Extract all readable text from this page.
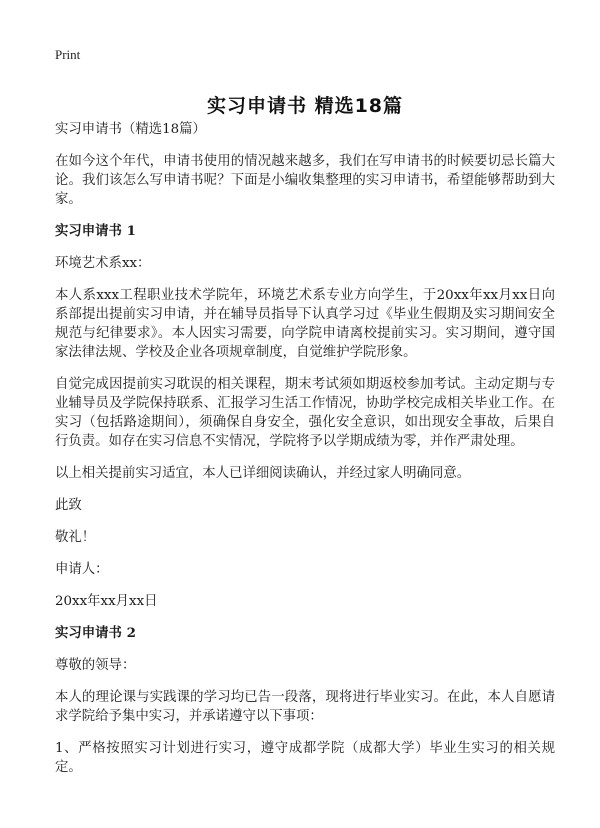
Print
实习申请书 精选18篇

实习申请书（精选18篇）

在如今这个年代，申请书使用的情况越来越多，我们在写申请书的时候要切忌长篇大论。我们该怎么写申请书呢？下面是小编收集整理的实习申请书，希望能够帮助到大家。

实习申请书 1

环境艺术系xx：

本人系xxx工程职业技术学院年，环境艺术系专业方向学生，于20xx年xx月xx日向系部提出提前实习申请，并在辅导员指导下认真学习过《毕业生假期及实习期间安全规范与纪律要求》。本人因实习需要，向学院申请离校提前实习。实习期间，遵守国家法律法规、学校及企业各项规章制度，自觉维护学院形象。

自觉完成因提前实习耽误的相关课程，期末考试须如期返校参加考试。主动定期与专业辅导员及学院保持联系、汇报学习生活工作情况，协助学校完成相关毕业工作。在实习（包括路途期间），须确保自身安全，强化安全意识，如出现安全事故，后果自行负责。如存在实习信息不实情况，学院将予以学期成绩为零，并作严肃处理。

以上相关提前实习适宜，本人已详细阅读确认，并经过家人明确同意。

此致

敬礼！

申请人：

20xx年xx月xx日

实习申请书 2

尊敬的领导：

本人的理论课与实践课的学习均已告一段落，现将进行毕业实习。在此，本人自愿请求学院给予集中实习，并承诺遵守以下事项：

1、严格按照实习计划进行实习，遵守成都学院（成都大学）毕业生实习的相关规定。
